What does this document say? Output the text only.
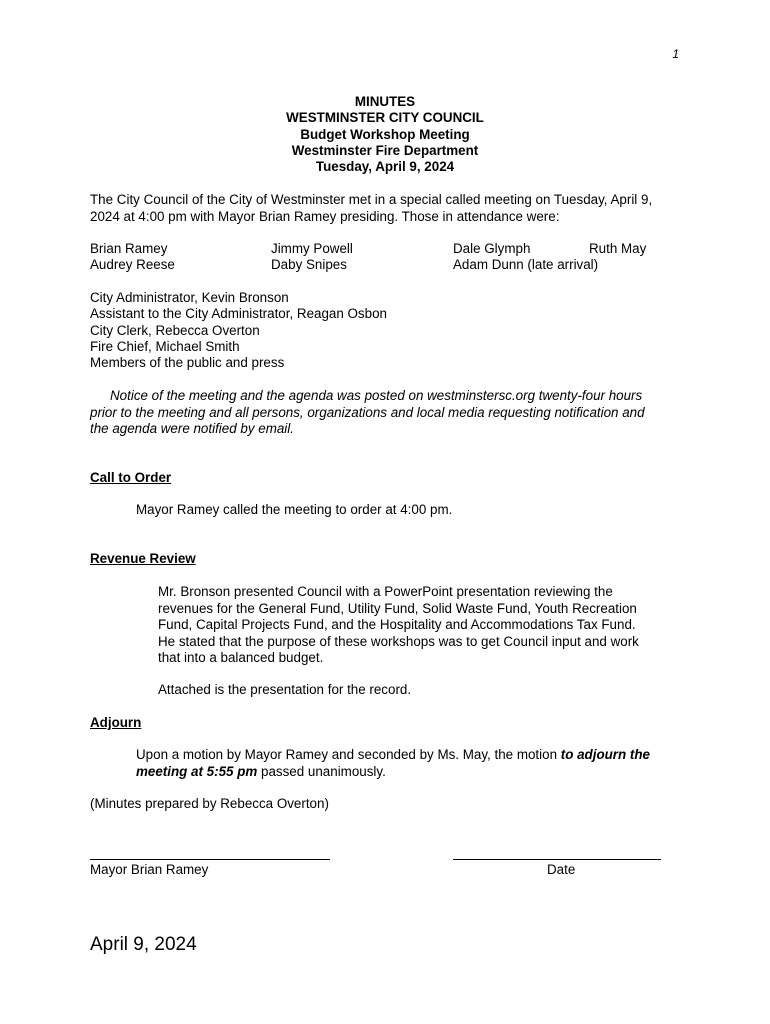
1
MINUTES
WESTMINSTER CITY COUNCIL
Budget Workshop Meeting
Westminster Fire Department
Tuesday, April 9, 2024
The City Council of the City of Westminster met in a special called meeting on Tuesday, April 9,
2024 at 4:00 pm with Mayor Brian Ramey presiding. Those in attendance were:
Brian Ramey
Audrey Reese
Jimmy Powell
Daby Snipes
Dale Glymph
Adam Dunn (late arrival)
Ruth May
City Administrator, Kevin Bronson
Assistant to the City Administrator, Reagan Osbon
City Clerk, Rebecca Overton
Fire Chief, Michael Smith
Members of the public and press
Notice of the meeting and the agenda was posted on westminstersc.org twenty-four hours
prior to the meeting and all persons, organizations and local media requesting notification and
the agenda were notified by email.
Call to Order
Mayor Ramey called the meeting to order at 4:00 pm.
Revenue Review
Mr. Bronson presented Council with a PowerPoint presentation reviewing the
revenues for the General Fund, Utility Fund, Solid Waste Fund, Youth Recreation
Fund, Capital Projects Fund, and the Hospitality and Accommodations Tax Fund.
He stated that the purpose of these workshops was to get Council input and work
that into a balanced budget.
Attached is the presentation for the record.
Adjourn
Upon a motion by Mayor Ramey and seconded by Ms. May, the motion to adjourn the
meeting at 5:55 pm passed unanimously.
(Minutes prepared by Rebecca Overton)
Mayor Brian Ramey	Date
April 9, 2024
